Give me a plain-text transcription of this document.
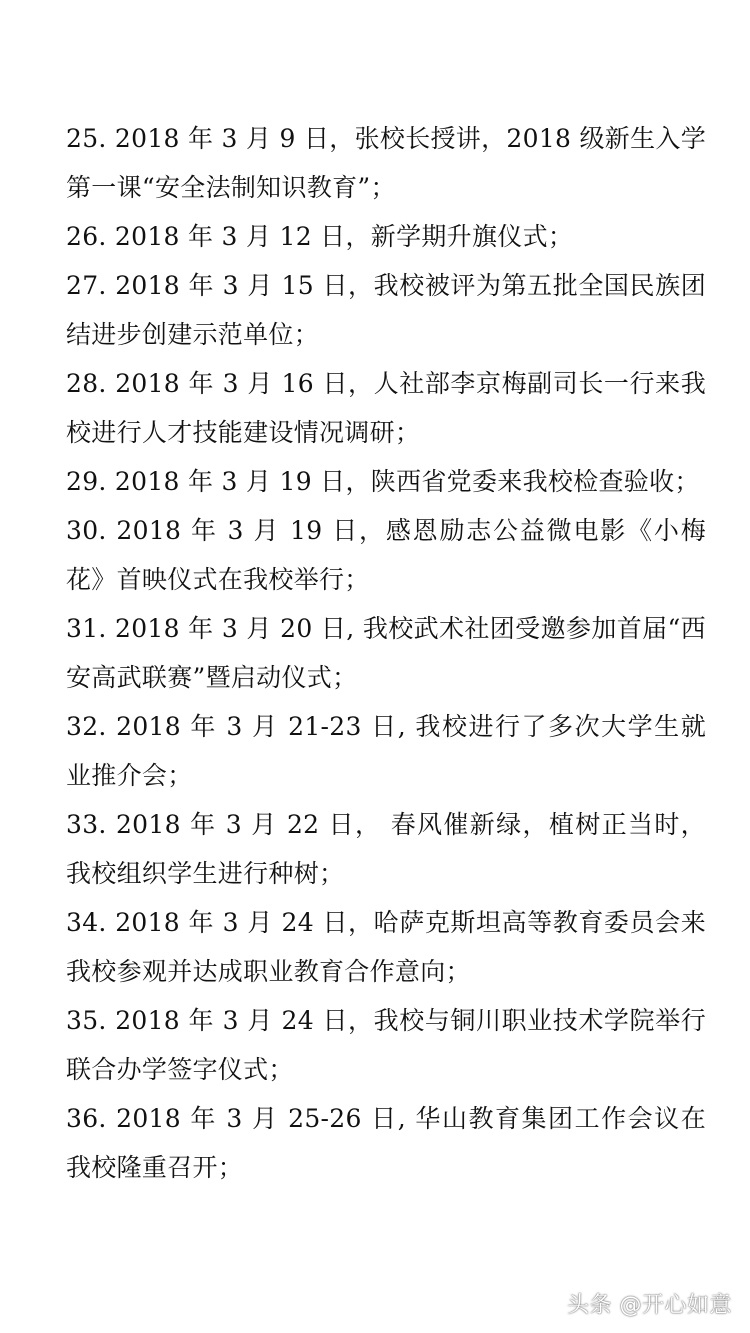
25. 2018 年 3 月 9 日，张校长授讲，2018 级新生入学第一课“安全法制知识教育”；

26. 2018 年 3 月 12 日，新学期升旗仪式；

27. 2018 年 3 月 15 日，我校被评为第五批全国民族团结进步创建示范单位；

28. 2018 年 3 月 16 日，人社部李京梅副司长一行来我校进行人才技能建设情况调研；

29. 2018 年 3 月 19 日，陕西省党委来我校检查验收；

30. 2018 年 3 月 19 日，感恩励志公益微电影《小梅花》首映仪式在我校举行；

31. 2018 年 3 月 20 日, 我校武术社团受邀参加首届“西安高武联赛”暨启动仪式；

32. 2018 年 3 月 21-23 日, 我校进行了多次大学生就业推介会；

33. 2018 年 3 月 22 日， 春风催新绿，植树正当时，我校组织学生进行种树；

34. 2018 年 3 月 24 日，哈萨克斯坦高等教育委员会来我校参观并达成职业教育合作意向；

35. 2018 年 3 月 24 日，我校与铜川职业技术学院举行联合办学签字仪式；

36. 2018 年 3 月 25-26 日, 华山教育集团工作会议在我校隆重召开；

头条 @开心如意
